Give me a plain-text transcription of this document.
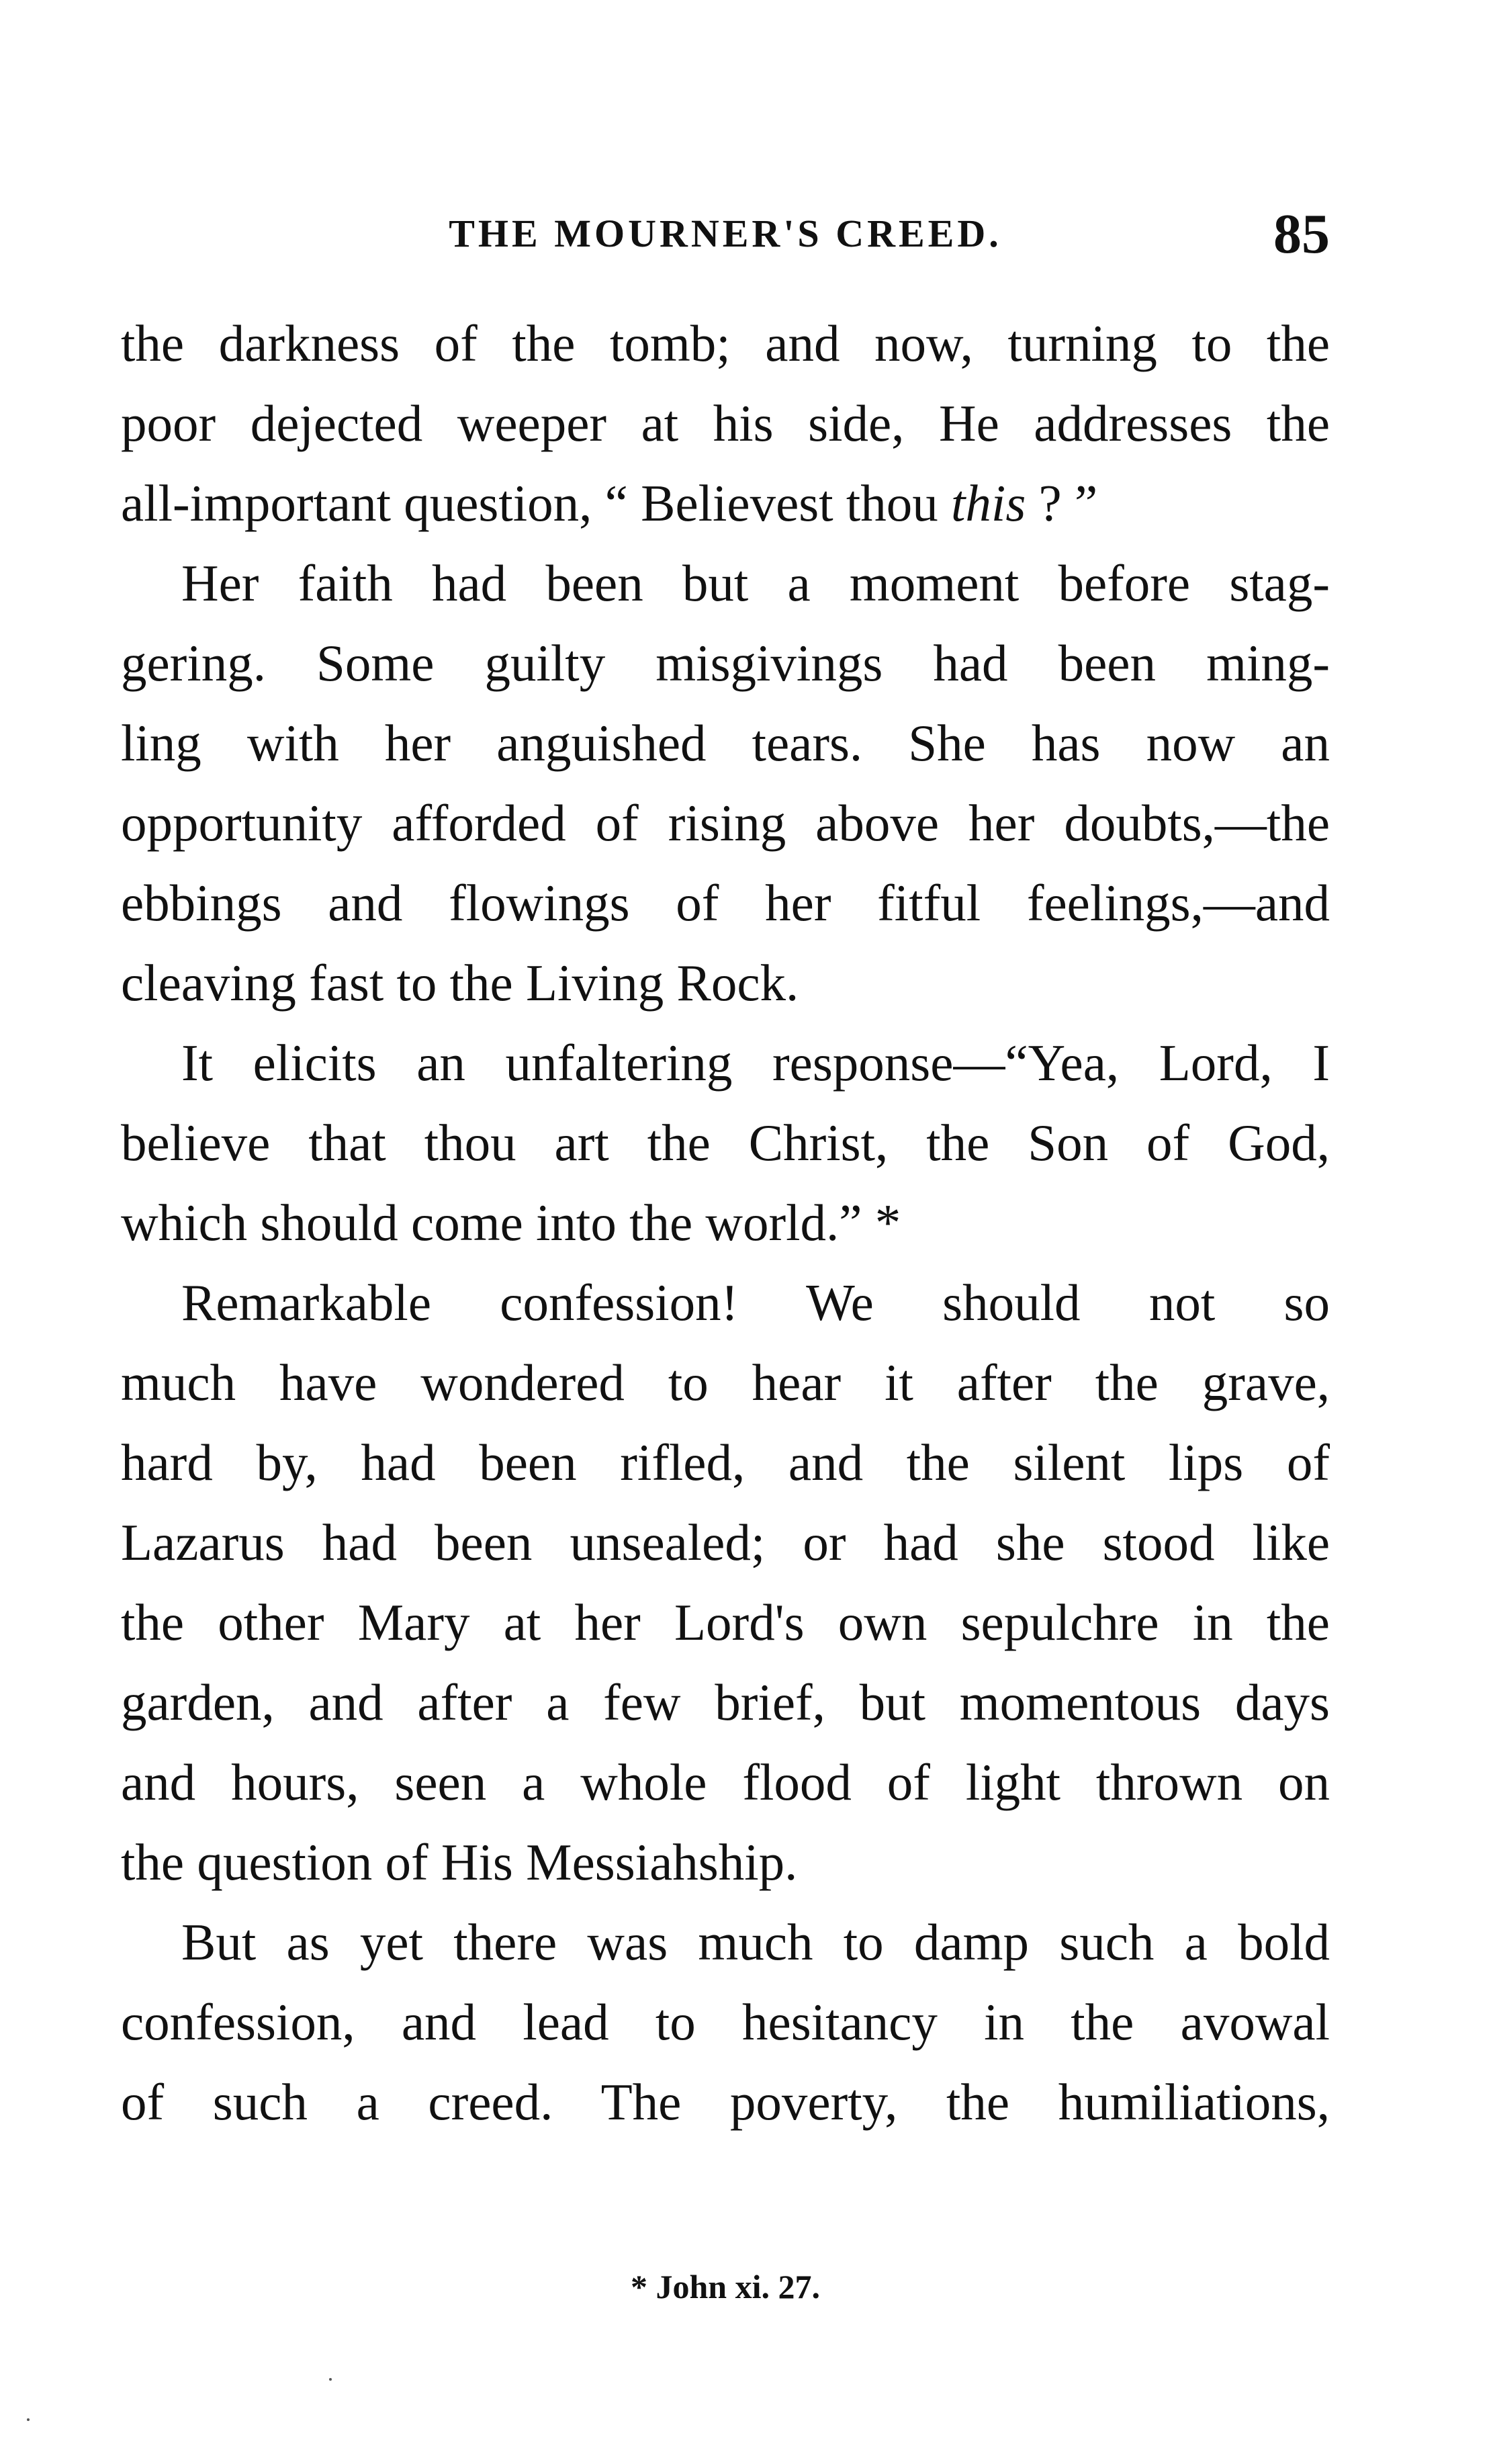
THE MOURNER'S CREED.	85
the darkness of the tomb; and now, turning to the
poor dejected weeper at his side, He addresses the
all-important question, “ Believest thou this ? ”
Her faith had been but a moment before stag-
gering. Some guilty misgivings had been ming-
ling with her anguished tears. She has now an
opportunity afforded of rising above her doubts,—the
ebbings and flowings of her fitful feelings,—and
cleaving fast to the Living Rock.
It elicits an unfaltering response—“Yea, Lord, I
believe that thou art the Christ, the Son of God,
which should come into the world.” *
Remarkable confession! We should not so
much have wondered to hear it after the grave,
hard by, had been rifled, and the silent lips of
Lazarus had been unsealed; or had she stood like
the other Mary at her Lord's own sepulchre in the
garden, and after a few brief, but momentous days
and hours, seen a whole flood of light thrown on
the question of His Messiahship.
But as yet there was much to damp such a bold
confession, and lead to hesitancy in the avowal
of such a creed. The poverty, the humiliations,
* John xi. 27.
